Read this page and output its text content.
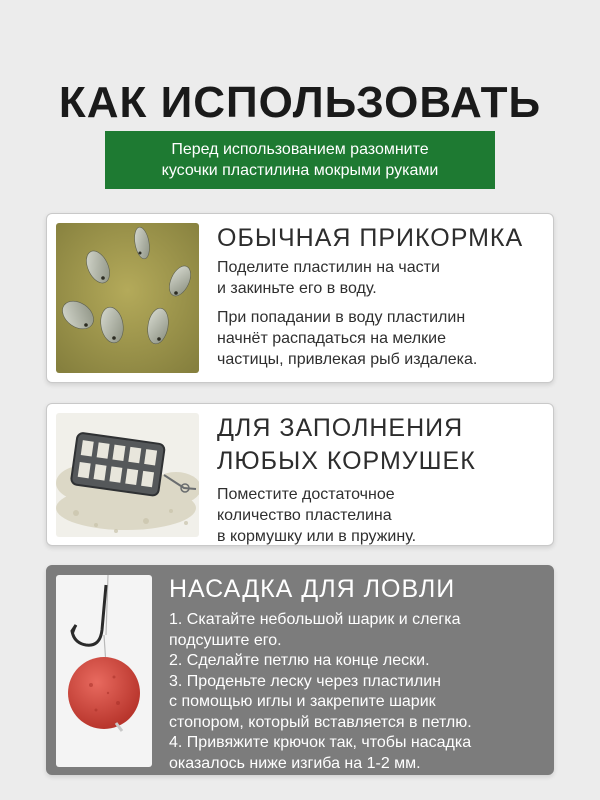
КАК ИСПОЛЬЗОВАТЬ
Перед использованием разомните
кусочки пластилина мокрыми руками
ОБЫЧНАЯ ПРИКОРМКА
Поделите пластилин на части
и закиньте его в воду.
При попадании в воду пластилин
начнёт распадаться на мелкие
частицы, привлекая рыб издалека.
ДЛЯ ЗАПОЛНЕНИЯ
ЛЮБЫХ КОРМУШЕК
Поместите достаточное
количество пластелина
в кормушку или в пружину.
НАСАДКА ДЛЯ ЛОВЛИ
1. Скатайте небольшой шарик и слегка
подсушите его.
2. Сделайте петлю на конце лески.
3. Проденьте леску через пластилин
с помощью иглы и закрепите шарик
стопором, который вставляется в петлю.
4. Привяжите крючок так, чтобы насадка
оказалось ниже изгиба на 1-2 мм.
